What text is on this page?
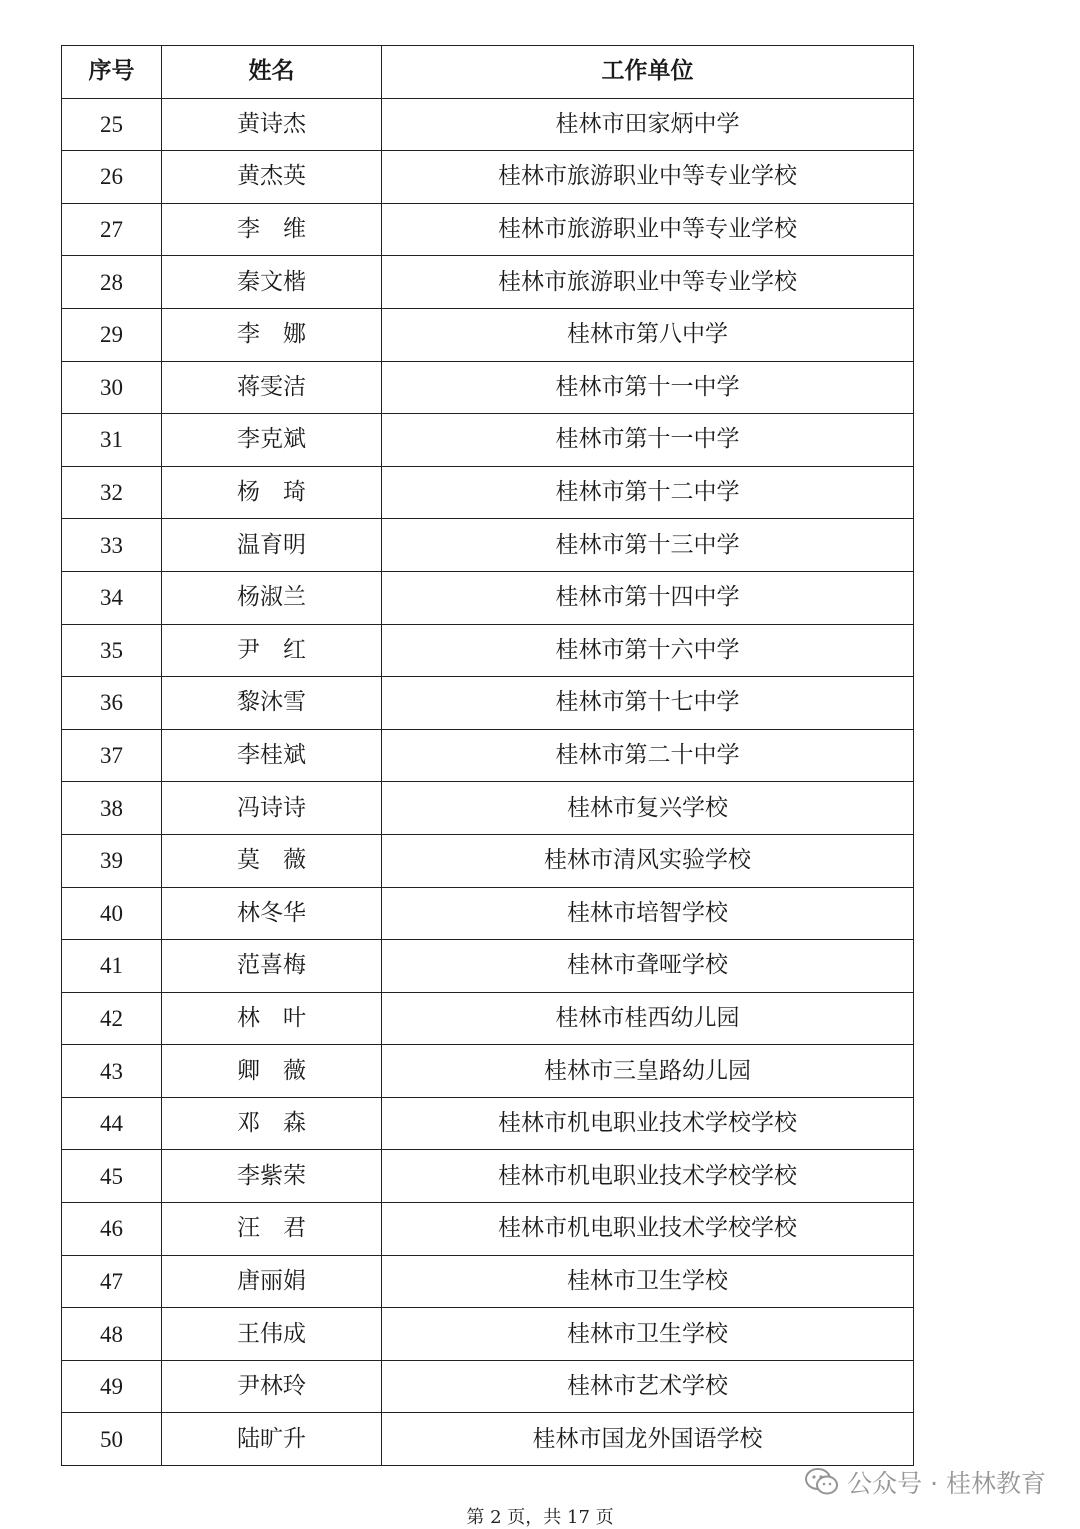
序号	姓名	工作单位
25	黄诗杰	桂林市田家炳中学
26	黄杰英	桂林市旅游职业中等专业学校
27	李　维	桂林市旅游职业中等专业学校
28	秦文楷	桂林市旅游职业中等专业学校
29	李　娜	桂林市第八中学
30	蒋雯洁	桂林市第十一中学
31	李克斌	桂林市第十一中学
32	杨　琦	桂林市第十二中学
33	温育明	桂林市第十三中学
34	杨淑兰	桂林市第十四中学
35	尹　红	桂林市第十六中学
36	黎沐雪	桂林市第十七中学
37	李桂斌	桂林市第二十中学
38	冯诗诗	桂林市复兴学校
39	莫　薇	桂林市清风实验学校
40	林冬华	桂林市培智学校
41	范喜梅	桂林市聋哑学校
42	林　叶	桂林市桂西幼儿园
43	卿　薇	桂林市三皇路幼儿园
44	邓　森	桂林市机电职业技术学校学校
45	李紫荣	桂林市机电职业技术学校学校
46	汪　君	桂林市机电职业技术学校学校
47	唐丽娟	桂林市卫生学校
48	王伟成	桂林市卫生学校
49	尹林玲	桂林市艺术学校
50	陆旷升	桂林市国龙外国语学校
第 2 页，共 17 页
公众号 · 桂林教育
